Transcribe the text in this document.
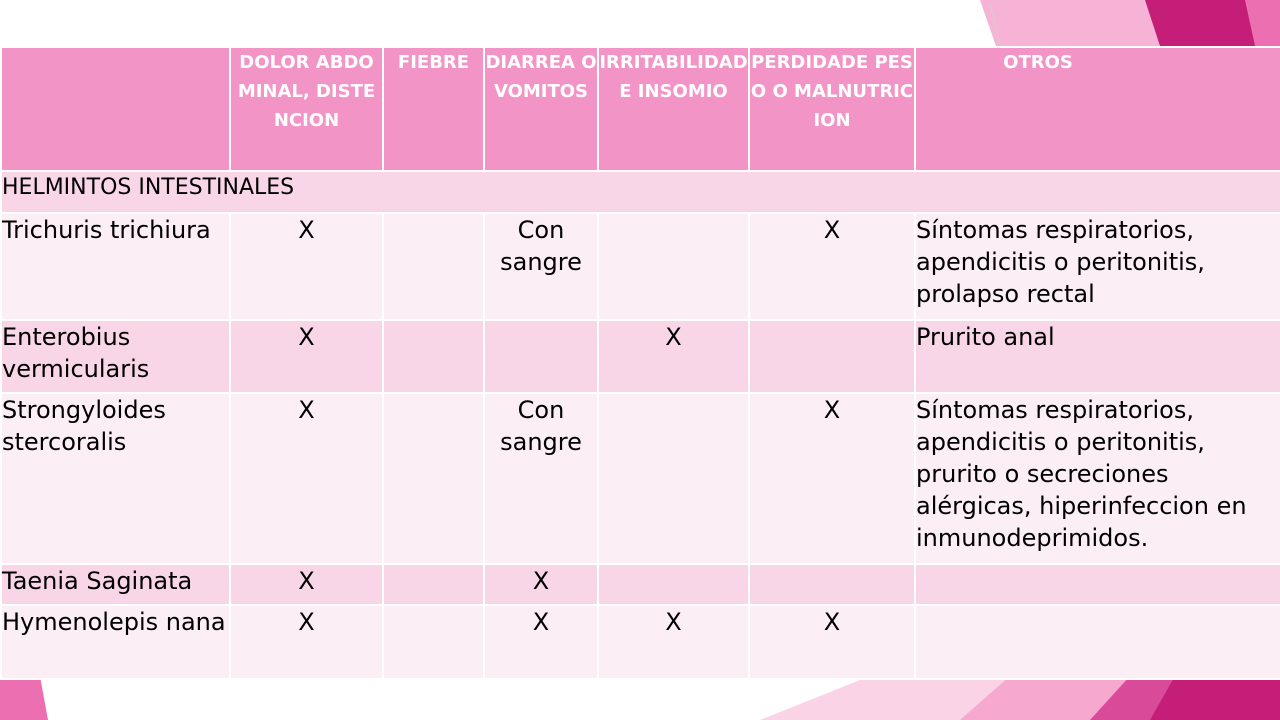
	DOLOR ABDOMINAL, DISTENCION	FIEBRE	DIARREA O VOMITOS	IRRITABILIDAD E INSOMIO	PERDIDADE PESO O MALNUTRICION	OTROS
HELMINTOS INTESTINALES						
Trichuris trichiura	X		Con sangre		X	Síntomas respiratorios, apendicitis o peritonitis, prolapso rectal
Enterobius vermicularis	X			X		Prurito anal
Strongyloides stercoralis	X		Con sangre		X	Síntomas respiratorios, apendicitis o peritonitis, prurito o secreciones alérgicas, hiperinfeccion en inmunodeprimidos.
Taenia Saginata	X		X			
Hymenolepis nana	X		X	X	X	
